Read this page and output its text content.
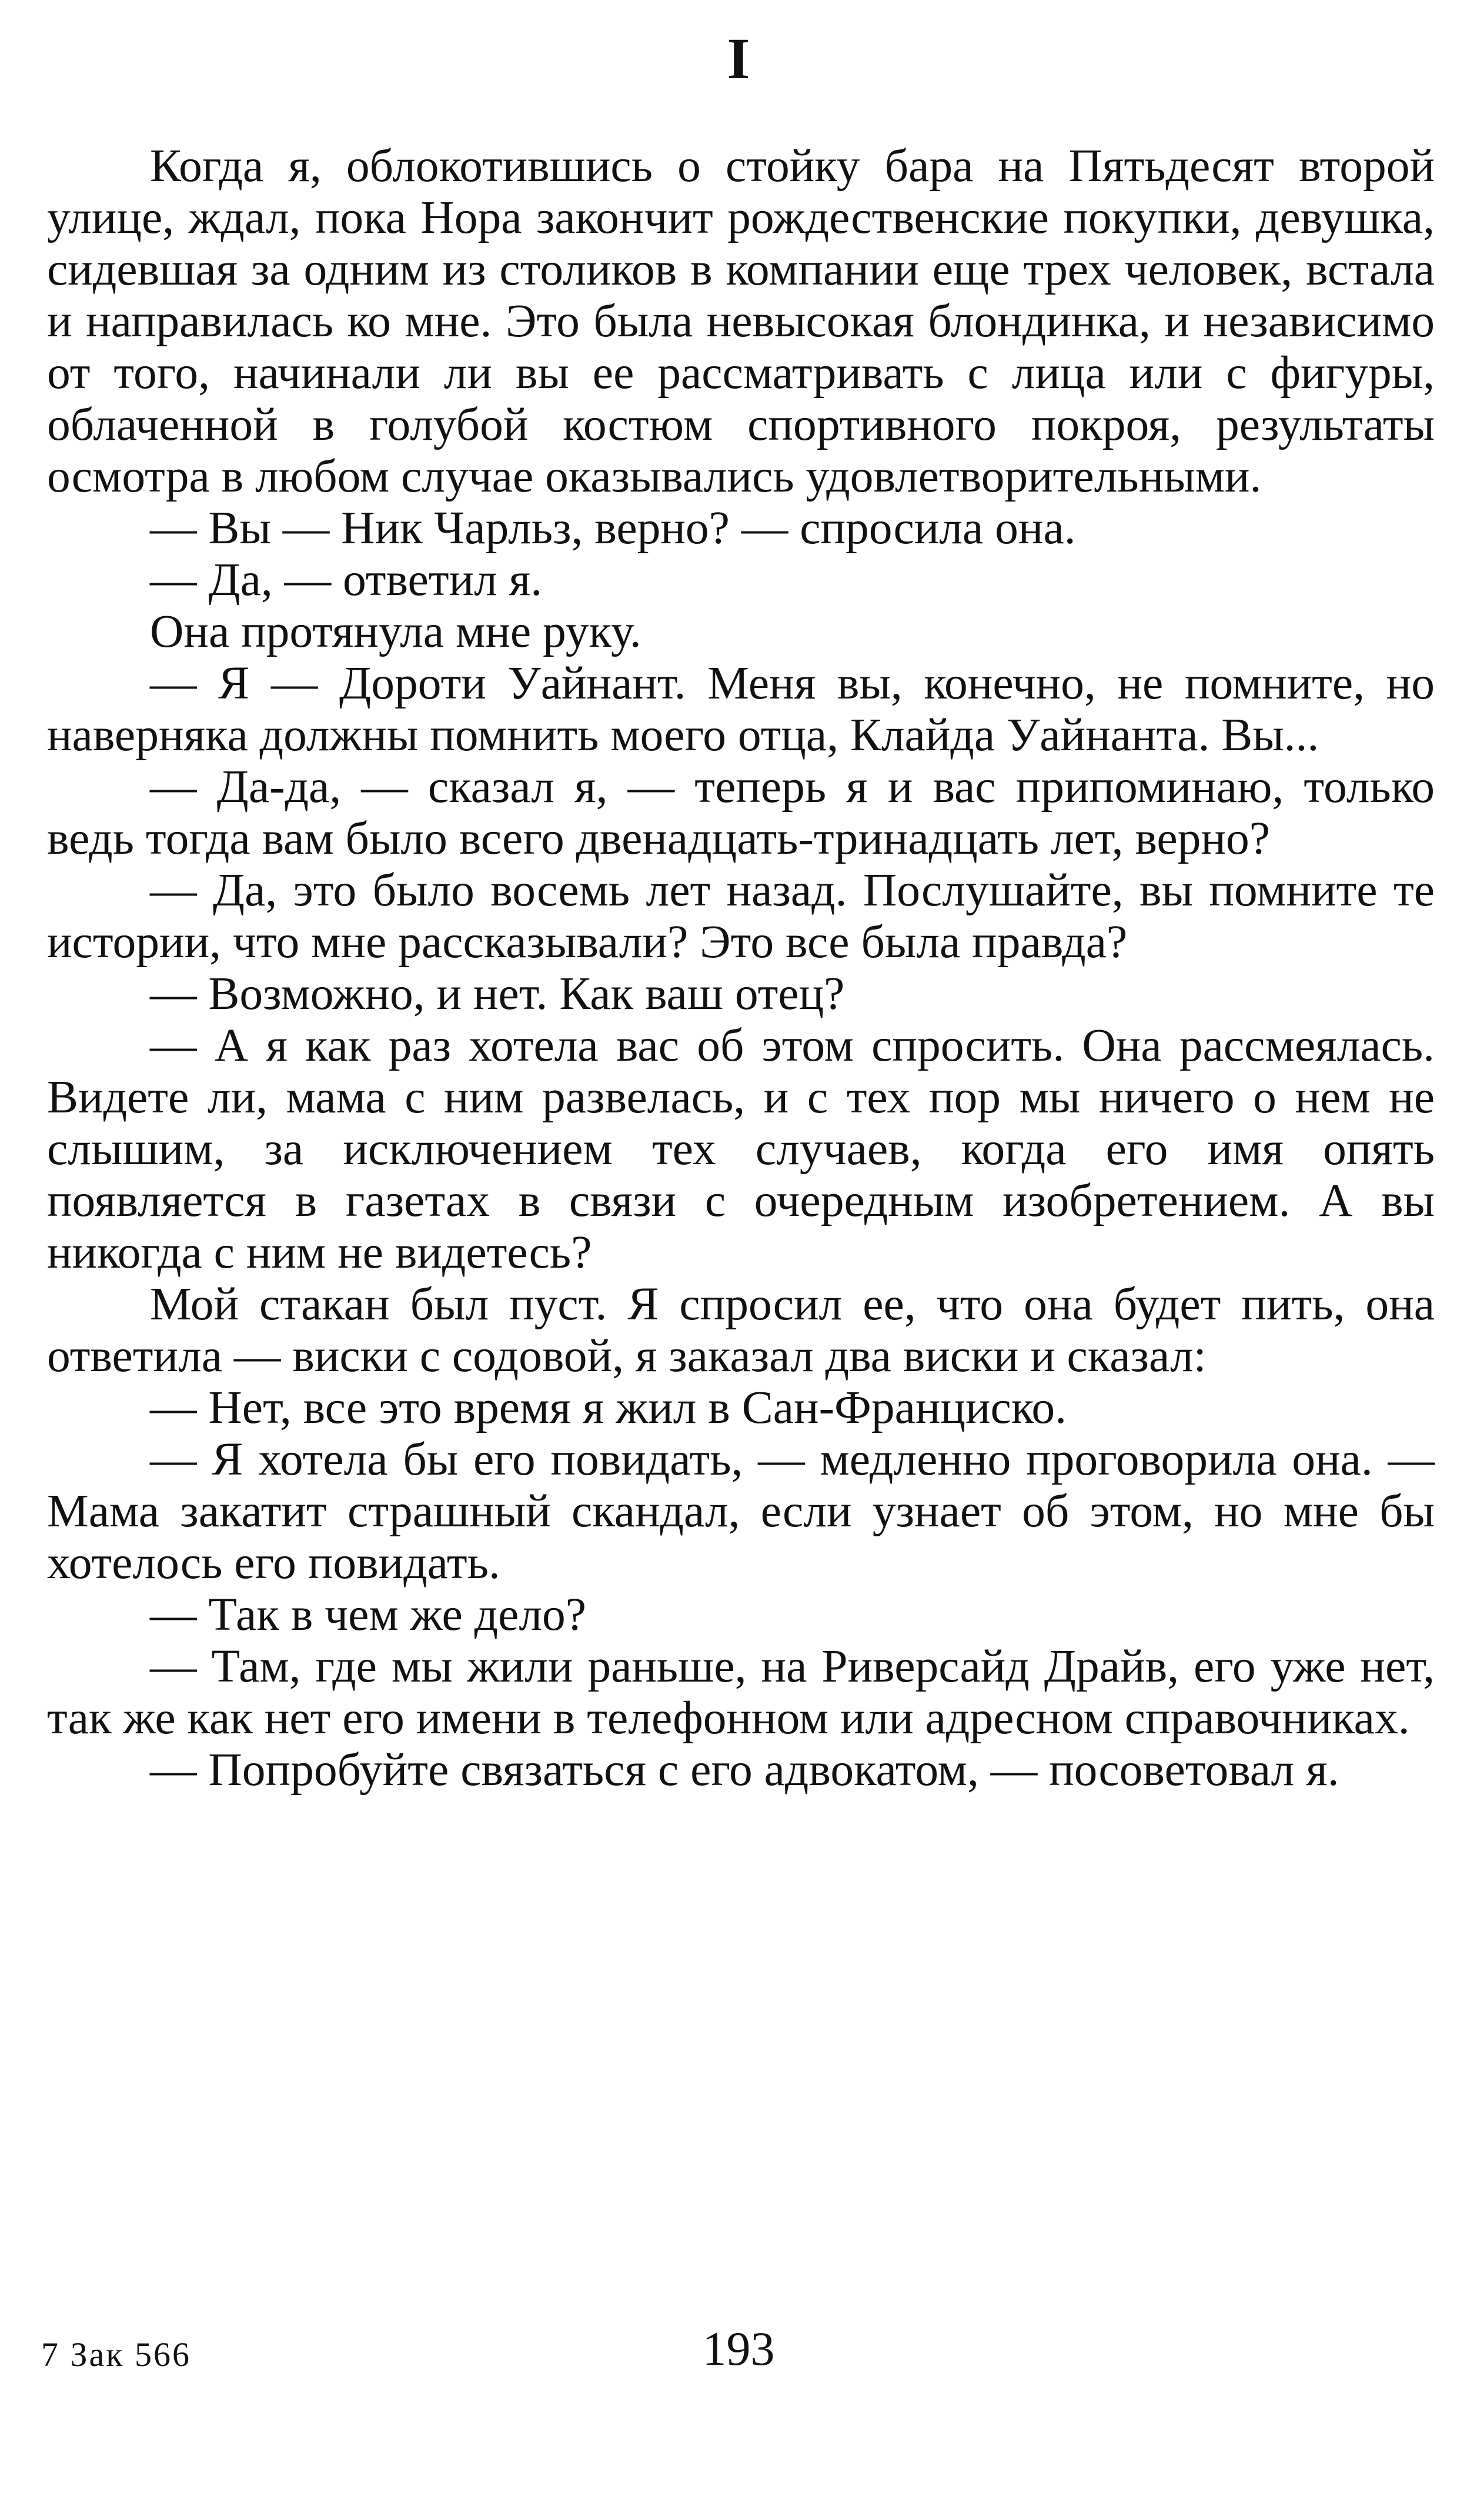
I

Когда я, облокотившись о стойку бара на Пятьдесят второй улице, ждал, пока Нора закончит рождественские покупки, девушка, сидевшая за одним из столиков в компании еще трех человек, встала и направилась ко мне. Это была невысокая блондинка, и независимо от того, начинали ли вы ее рассматривать с лица или с фигуры, облаченной в голубой костюм спортивного покроя, результаты осмотра в любом случае оказывались удовлетворительными.

— Вы — Ник Чарльз, верно? — спросила она.

— Да, — ответил я.

Она протянула мне руку.

— Я — Дороти Уайнант. Меня вы, конечно, не помните, но наверняка должны помнить моего отца, Клайда Уайнанта. Вы...

— Да-да, — сказал я, — теперь я и вас припоминаю, только ведь тогда вам было всего двенадцать-тринадцать лет, верно?

— Да, это было восемь лет назад. Послушайте, вы помните те истории, что мне рассказывали? Это все была правда?

— Возможно, и нет. Как ваш отец?

— А я как раз хотела вас об этом спросить. Она рассмеялась. Видете ли, мама с ним развелась, и с тех пор мы ничего о нем не слышим, за исключением тех случаев, когда его имя опять появляется в газетах в связи с очередным изобретением. А вы никогда с ним не видетесь?

Мой стакан был пуст. Я спросил ее, что она будет пить, она ответила — виски с содовой, я заказал два виски и сказал:

— Нет, все это время я жил в Сан-Франциско.

— Я хотела бы его повидать, — медленно проговорила она. — Мама закатит страшный скандал, если узнает об этом, но мне бы хотелось его повидать.

— Так в чем же дело?

— Там, где мы жили раньше, на Риверсайд Драйв, его уже нет, так же как нет его имени в телефонном или адресном справочниках.

— Попробуйте связаться с его адвокатом, — посоветовал я.

7 Зак 566	193
